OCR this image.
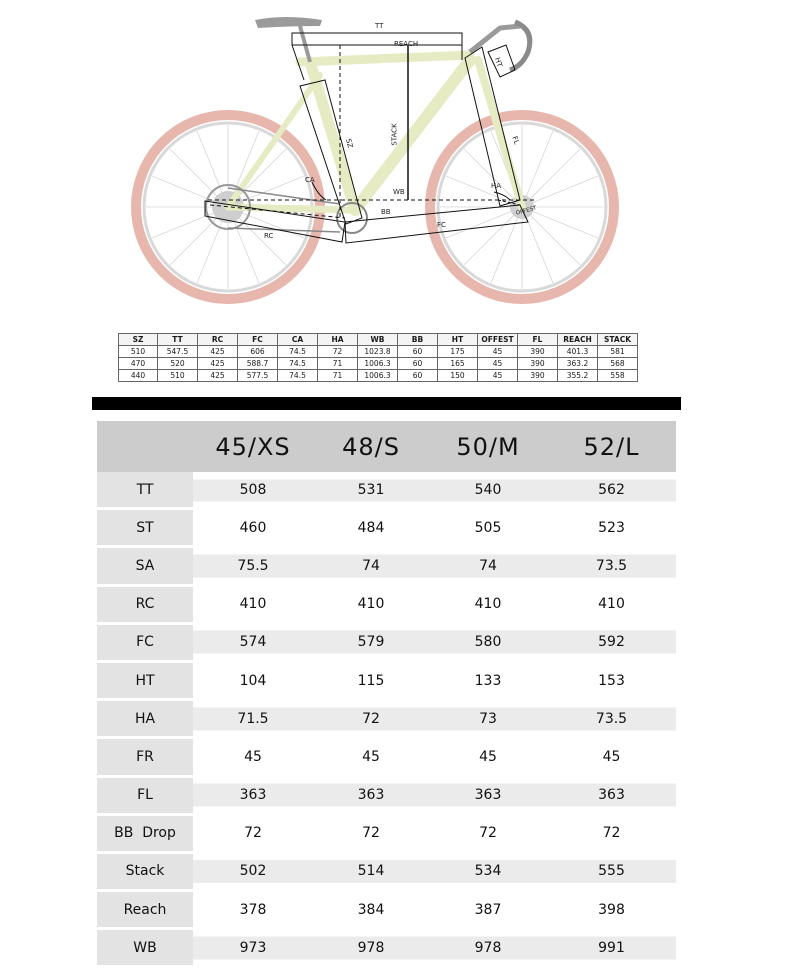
TT
REACH
HT
SZ	STACK	FL
CA
HA
WB
BB
RC
FC
OFFEST
SZ	TT	RC	FC	CA	HA	WB	BB	HT	OFFEST	FL	REACH	STACK
510	547.5	425	606	74.5	72	1023.8	60	175	45	390	401.3	581
470	520	425	588.7	74.5	71	1006.3	60	165	45	390	363.2	568
440	510	425	577.5	74.5	71	1006.3	60	150	45	390	355.2	558
	45/XS	48/S	50/M	52/L
TT	508	531	540	562
ST	460	484	505	523
SA	75.5	74	74	73.5
RC	410	410	410	410
FC	574	579	580	592
HT	104	115	133	153
HA	71.5	72	73	73.5
FR	45	45	45	45
FL	363	363	363	363
BB  Drop	72	72	72	72
Stack	502	514	534	555
Reach	378	384	387	398
WB	973	978	978	991
